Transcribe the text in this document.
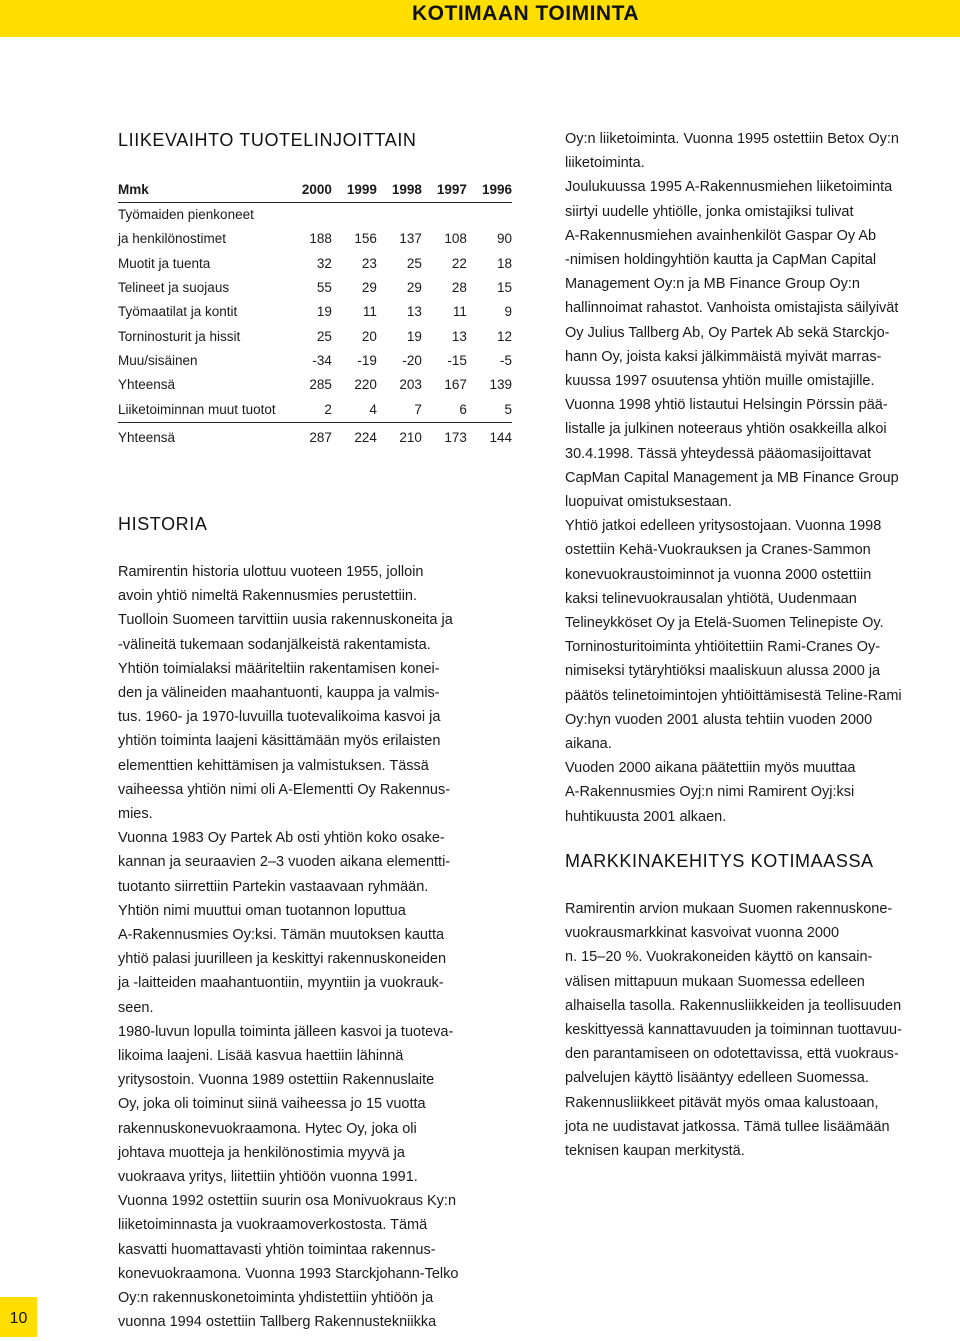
KOTIMAAN TOIMINTA
LIIKEVAIHTO TUOTELINJOITTAIN
Mmk	2000	1999	1998	1997	1996
Työmaiden pienkoneet					
ja henkilönostimet	188	156	137	108	90
Muotit ja tuenta	32	23	25	22	18
Telineet ja suojaus	55	29	29	28	15
Työmaatilat ja kontit	19	11	13	11	9
Torninosturit ja hissit	25	20	19	13	12
Muu/sisäinen	-34	-19	-20	-15	-5
Yhteensä	285	220	203	167	139
Liiketoiminnan muut tuotot	2	4	7	6	5
Yhteensä	287	224	210	173	144
HISTORIA

Ramirentin historia ulottuu vuoteen 1955, jolloin

avoin yhtiö nimeltä Rakennusmies perustettiin.

Tuolloin Suomeen tarvittiin uusia rakennuskoneita ja

-välineitä tukemaan sodanjälkeistä rakentamista.

Yhtiön toimialaksi määriteltiin rakentamisen konei-

den ja välineiden maahantuonti, kauppa ja valmis-

tus. 1960- ja 1970-luvuilla tuotevalikoima kasvoi ja

yhtiön toiminta laajeni käsittämään myös erilaisten

elementtien kehittämisen ja valmistuksen. Tässä

vaiheessa yhtiön nimi oli A-Elementti Oy Rakennus-

mies.

Vuonna 1983 Oy Partek Ab osti yhtiön koko osake-

kannan ja seuraavien 2–3 vuoden aikana elementti-

tuotanto siirrettiin Partekin vastaavaan ryhmään.

Yhtiön nimi muuttui oman tuotannon loputtua

A-Rakennusmies Oy:ksi. Tämän muutoksen kautta

yhtiö palasi juurilleen ja keskittyi rakennuskoneiden

ja -laitteiden maahantuontiin, myyntiin ja vuokrauk-

seen.

1980-luvun lopulla toiminta jälleen kasvoi ja tuoteva-

likoima laajeni. Lisää kasvua haettiin lähinnä

yritysostoin. Vuonna 1989 ostettiin Rakennuslaite

Oy, joka oli toiminut siinä vaiheessa jo 15 vuotta

rakennuskonevuokraamona. Hytec Oy, joka oli

johtava muotteja ja henkilönostimia myyvä ja

vuokraava yritys, liitettiin yhtiöön vuonna 1991.

Vuonna 1992 ostettiin suurin osa Monivuokraus Ky:n

liiketoiminnasta ja vuokraamoverkostosta. Tämä

kasvatti huomattavasti yhtiön toimintaa rakennus-

konevuokraamona. Vuonna 1993 Starckjohann-Telko

Oy:n rakennuskonetoiminta yhdistettiin yhtiöön ja

vuonna 1994 ostettiin Tallberg Rakennustekniikka

Oy:n liiketoiminta. Vuonna 1995 ostettiin Betox Oy:n

liiketoiminta.

Joulukuussa 1995 A-Rakennusmiehen liiketoiminta

siirtyi uudelle yhtiölle, jonka omistajiksi tulivat

A-Rakennusmiehen avainhenkilöt Gaspar Oy Ab

-nimisen holdingyhtiön kautta ja CapMan Capital

Management Oy:n ja MB Finance Group Oy:n

hallinnoimat rahastot. Vanhoista omistajista säilyivät

Oy Julius Tallberg Ab, Oy Partek Ab sekä Starckjo-

hann Oy, joista kaksi jälkimmäistä myivät marras-

kuussa 1997 osuutensa yhtiön muille omistajille.

Vuonna 1998 yhtiö listautui Helsingin Pörssin pää-

listalle ja julkinen noteeraus yhtiön osakkeilla alkoi

30.4.1998. Tässä yhteydessä pääomasijoittavat

CapMan Capital Management ja MB Finance Group

luopuivat omistuksestaan.

Yhtiö jatkoi edelleen yritysostojaan. Vuonna 1998

ostettiin Kehä-Vuokrauksen ja Cranes-Sammon

konevuokraustoiminnot ja vuonna 2000 ostettiin

kaksi telinevuokrausalan yhtiötä, Uudenmaan

Telineykköset Oy ja Etelä-Suomen Telinepiste Oy.

Torninosturitoiminta yhtiöitettiin Rami-Cranes Oy-

nimiseksi tytäryhtiöksi maaliskuun alussa 2000 ja

päätös telinetoimintojen yhtiöittämisestä Teline-Rami

Oy:hyn vuoden 2001 alusta tehtiin vuoden 2000

aikana.

Vuoden 2000 aikana päätettiin myös muuttaa

A-Rakennusmies Oyj:n nimi Ramirent Oyj:ksi

huhtikuusta 2001 alkaen.

MARKKINAKEHITYS KOTIMAASSA

Ramirentin arvion mukaan Suomen rakennuskone-

vuokrausmarkkinat kasvoivat vuonna 2000

n. 15–20 %. Vuokrakoneiden käyttö on kansain-

välisen mittapuun mukaan Suomessa edelleen

alhaisella tasolla. Rakennusliikkeiden ja teollisuuden

keskittyessä kannattavuuden ja toiminnan tuottavuu-

den parantamiseen on odotettavissa, että vuokraus-

palvelujen käyttö lisääntyy edelleen Suomessa.

Rakennusliikkeet pitävät myös omaa kalustoaan,

jota ne uudistavat jatkossa. Tämä tullee lisäämään

teknisen kaupan merkitystä.

10
